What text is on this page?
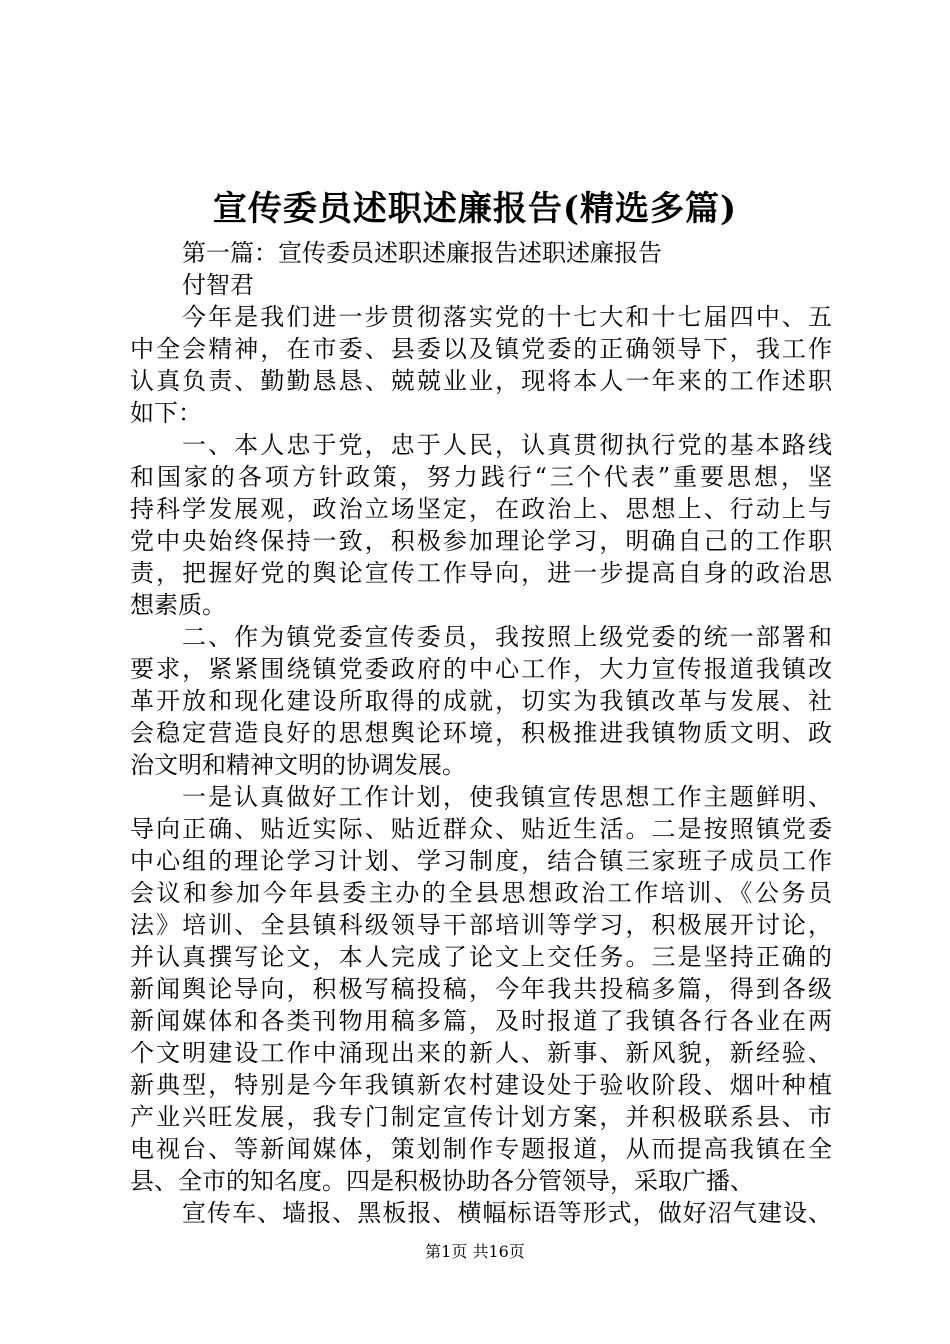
宣传委员述职述廉报告(精选多篇)
第一篇：宣传委员述职述廉报告述职述廉报告
付智君
今年是我们进一步贯彻落实党的十七大和十七届四中、五
中全会精神，在市委、县委以及镇党委的正确领导下，我工作
认真负责、勤勤恳恳、兢兢业业，现将本人一年来的工作述职
如下：
一、本人忠于党，忠于人民，认真贯彻执行党的基本路线
和国家的各项方针政策，努力践行“三个代表”重要思想，坚
持科学发展观，政治立场坚定，在政治上、思想上、行动上与
党中央始终保持一致，积极参加理论学习，明确自己的工作职
责，把握好党的舆论宣传工作导向，进一步提高自身的政治思
想素质。
二、作为镇党委宣传委员，我按照上级党委的统一部署和
要求，紧紧围绕镇党委政府的中心工作，大力宣传报道我镇改
革开放和现化建设所取得的成就，切实为我镇改革与发展、社
会稳定营造良好的思想舆论环境，积极推进我镇物质文明、政
治文明和精神文明的协调发展。
一是认真做好工作计划，使我镇宣传思想工作主题鲜明、
导向正确、贴近实际、贴近群众、贴近生活。二是按照镇党委
中心组的理论学习计划、学习制度，结合镇三家班子成员工作
会议和参加今年县委主办的全县思想政治工作培训、《公务员
法》培训、全县镇科级领导干部培训等学习，积极展开讨论，
并认真撰写论文，本人完成了论文上交任务。三是坚持正确的
新闻舆论导向，积极写稿投稿，今年我共投稿多篇，得到各级
新闻媒体和各类刊物用稿多篇，及时报道了我镇各行各业在两
个文明建设工作中涌现出来的新人、新事、新风貌，新经验、
新典型，特别是今年我镇新农村建设处于验收阶段、烟叶种植
产业兴旺发展，我专门制定宣传计划方案，并积极联系县、市
电视台、等新闻媒体，策划制作专题报道，从而提高我镇在全
县、全市的知名度。四是积极协助各分管领导，采取广播、
宣传车、墙报、黑板报、横幅标语等形式，做好沼气建设、
第1页 共16页
